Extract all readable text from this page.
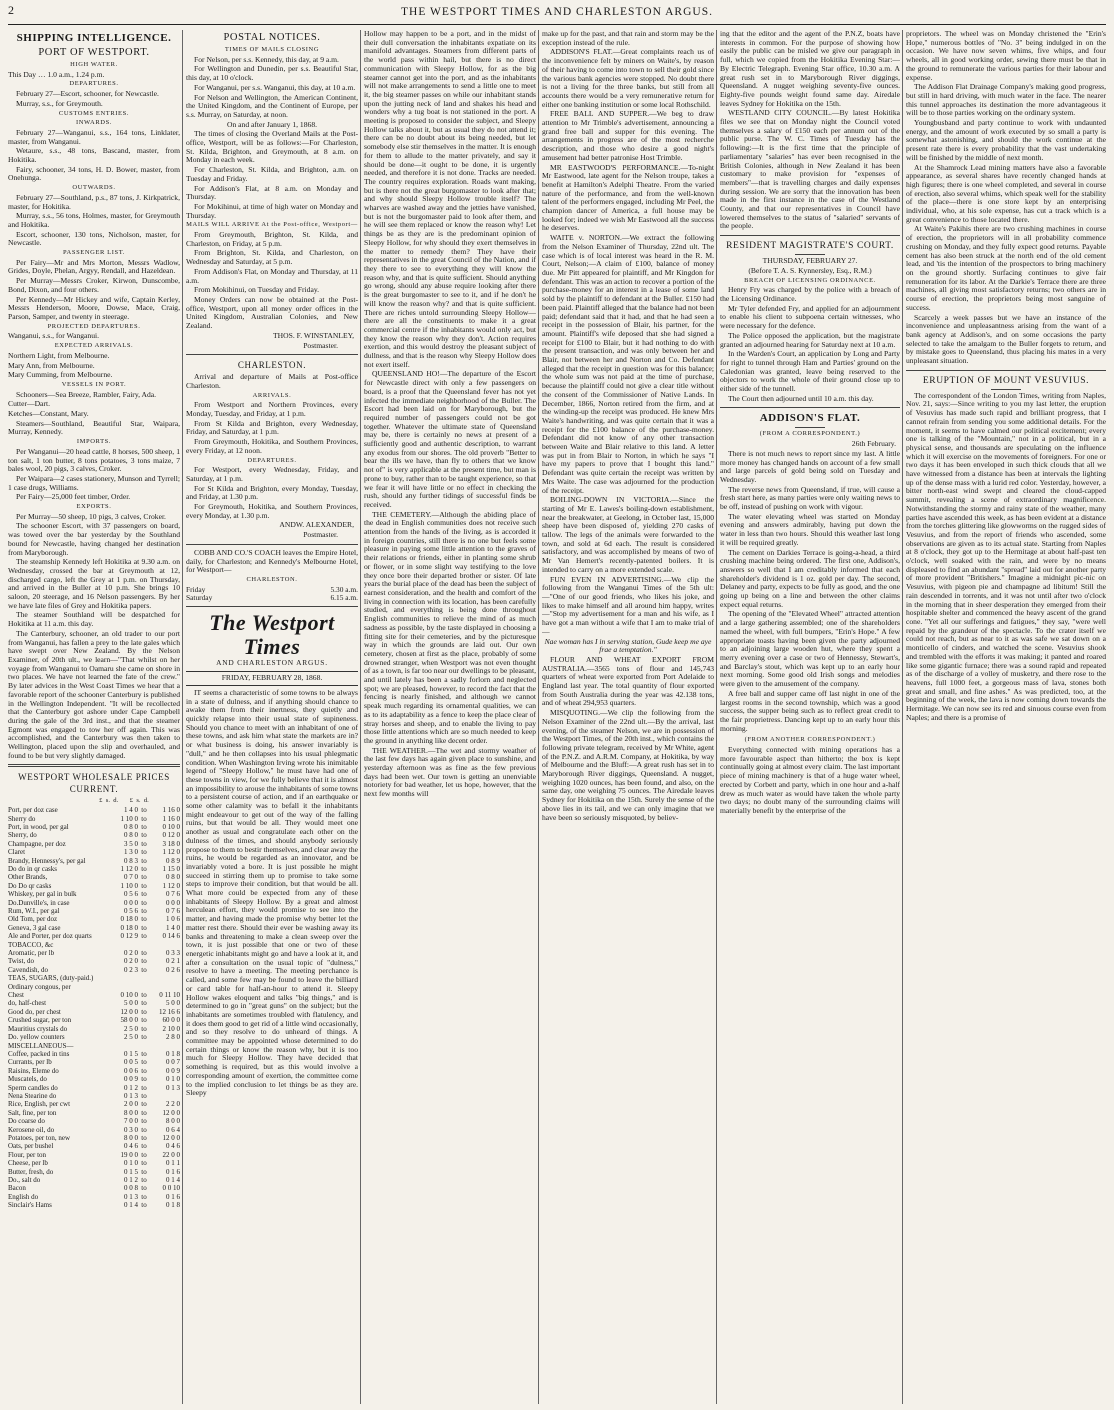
2	THE WESTPORT TIMES AND CHARLESTON ARGUS.
SHIPPING INTELLIGENCE.
PORT OF WESTPORT.
HIGH WATER.

This Day … 1.0 a.m., 1.24 p.m.

DEPARTURES.

February 27—Escort, schooner, for Newcastle.

Murray, s.s., for Greymouth.

CUSTOMS ENTRIES.
INWARDS.

February 27—Wanganui, s.s., 164 tons, Linklater, master, from Wanganui.

Wetaure, s.s., 48 tons, Bascand, master, from Hokitika.

Fairy, schooner, 34 tons, H. D. Bower, master, from Onehunga.

OUTWARDS.

February 27—Southland, p.s., 87 tons, J. Kirkpatrick, master, for Hokitika.

Murray, s.s., 56 tons, Holmes, master, for Greymouth and Hokitika.

Escort, schooner, 130 tons, Nicholson, master, for Newcastle.

PASSENGER LIST.

Per Fairy—Mr and Mrs Morton, Messrs Wadlow, Grides, Doyle, Phelan, Argyy, Rendall, and Hazeldean.

Per Murray—Messrs Croker, Kirwon, Dunscombe, Bond, Dixon, and four others.

Per Kennedy—Mr Hickey and wife, Captain Kerley, Messrs Henderson, Moore, Dowse, Mace, Craig, Parson, Samper, and twenty in steerage.

PROJECTED DEPARTURES.

Wanganui, s.s., for Wanganui.

EXPECTED ARRIVALS.

Northern Light, from Melbourne.

Mary Ann, from Melbourne.

Mary Cumming, from Melbourne.

VESSELS IN PORT.

Schooners—Sea Breeze, Rambler, Fairy, Ada.

Cutter—Dart.

Ketches—Constant, Mary.

Steamers—Southland, Beautiful Star, Waipara, Murray, Kennedy.

IMPORTS.

Per Wanganui—20 head cattle, 8 horses, 500 sheep, 1 ton salt, 1 ton butter, 8 tons potatoes, 3 tons maize, 7 bales wool, 20 pigs, 3 calves, Croker.

Per Waipara—2 cases stationery, Munson and Tyrrell; 1 case drugs, Williams.

Per Fairy—25,000 feet timber, Order.

EXPORTS.

Per Murray—50 sheep, 10 pigs, 3 calves, Croker.

The schooner Escort, with 37 passengers on board, was towed over the bar yesterday by the Southland bound for Newcastle, having changed her destination from Maryborough.

The steamship Kennedy left Hokitika at 9.30 a.m. on Wednesday, crossed the bar at Greymouth at 12, discharged cargo, left the Grey at 1 p.m. on Thursday, and arrived in the Buller at 10 p.m. She brings 10 saloon, 20 steerage, and 16 Nelson passengers. By her we have late files of Grey and Hokitika papers.

The steamer Southland will be despatched for Hokitika at 11 a.m. this day.

The Canterbury, schooner, an old trader to our port from Wanganui, has fallen a prey to the late gales which have swept over New Zealand. By the Nelson Examiner, of 20th ult., we learn—"That whilst on her voyage from Wanganui to Oamaru she came on shore in two places. We have not learned the fate of the crew." By later advices in the West Coast Times we hear that a favorable report of the schooner Canterbury is published in the Wellington Independent. "It will be recollected that the Canterbury got ashore under Cape Campbell during the gale of the 3rd inst., and that the steamer Egmont was engaged to tow her off again. This was accomplished, and the Canterbury was then taken to Wellington, placed upon the slip and overhauled, and found to be but very slightly damaged.

WESTPORT WHOLESALE PRICES CURRENT.
£  s.  d.       £  s.  d.
Port, per doz case	1 4 0	to	1 16 0
Sherry do	1 10 0	to	1 16 0
Port, in wood, per gal	0 8 0	to	0 10 0
Sherry, do	0 8 0	to	0 12 0
Champagne, per doz	3 5 0	to	3 18 0
Claret	1 3 0	to	1 12 0
Brandy, Hennessy's, per gal	0 8 3	to	0 8 9
Do do in qr casks	1 12 0	to	1 15 0
Other Brands,	0 7 0	to	0 8 0
Do Do qr casks	1 10 0	to	1 12 0
Whiskey, per gal in bulk	0 5 6	to	0 7 6
Do.Dunville's, in case	0 0 0	to	0 0 0
Rum, W.I., per gal	0 5 6	to	0 7 6
Old Tom, per doz	0 18 0	to	1 0 6
Geneva, 3 gal case	0 18 0	to	1 4 0
Ale and Porter, per doz quarts	0 12 9	to	0 14 6
TOBACCO, &c			
Aromatic, per lb	0 2 0	to	0 3 3
Twist, do	0 2 0	to	0 2 1
Cavendish, do	0 2 3	to	0 2 6
TEAS, SUGARS, (duty-paid.)			
Ordinary congous, per			
Chest	0 10 0	to	0 11 10
do, half-chest	5 0 0	to	5 0 0
Good do, per chest	12 0 0	to	12 16 6
Crushed sugar, per ton	58 0 0	to	60 0 0
Mauritius crystals do	2 5 0	to	2 10 0
Do. yellow counters	2 5 0	to	2 8 0
MISCELLANEOUS—			
Coffee, packed in tins	0 1 5	to	0 1 8
Currants, per lb	0 0 5	to	0 0 7
Raisins, Eleme do	0 0 6	to	0 0 9
Muscatels, do	0 0 9	to	0 1 0
Sperm candles do	0 1 2	to	0 1 3
Nena Stearine do	0 1 3	to	
Rice, English, per cwt	2 0 0	to	2 2 0
Salt, fine, per ton	8 0 0	to	12 0 0
Do coarse do	7 0 0	to	8 0 0
Kerosene oil, do	0 3 0	to	0 6 4
Potatoes, per ton, new	8 0 0	to	12 0 0
Oats, per bushel	0 4 6	to	0 4 6
Flour, per ton	19 0 0	to	22 0 0
Cheese, per lb	0 1 0	to	0 1 1
Butter, fresh, do	0 1 5	to	0 1 6
Do., salt do	0 1 2	to	0 1 4
Bacon	0 0 8	to	0 0 10
English do	0 1 3	to	0 1 6
Sinclair's Hams	0 1 4	to	0 1 8
POSTAL NOTICES.
TIMES OF MAILS CLOSING

For Nelson, per s.s. Kennedy, this day, at 9 a.m.

For Wellington and Dunedin, per s.s. Beautiful Star, this day, at 10 o'clock.

For Wanganui, per s.s. Wanganui, this day, at 10 a.m.

For Nelson and Wellington, the American Continent, the United Kingdom, and the Continent of Europe, per s.s. Murray, on Saturday, at noon.

On and after January 1, 1868.

The times of closing the Overland Mails at the Post-office, Westport, will be as follows:—For Charleston, St. Kilda, Brighton, and Greymouth, at 8 a.m. on Monday in each week.

For Charleston, St. Kilda, and Brighton, a.m. on Tuesday and Friday.

For Addison's Flat, at 8 a.m. on Monday and Thursday.

For Mokihinui, at time of high water on Monday and Thursday.

MAILS WILL ARRIVE At the Post-office, Westport—

From Greymouth, Brighton, St. Kilda, and Charleston, on Friday, at 5 p.m.

From Brighton, St. Kilda, and Charleston, on Wednesday and Saturday, at 5 p.m.

From Addison's Flat, on Monday and Thursday, at 11 a.m.

From Mokihinui, on Tuesday and Friday.

Money Orders can now be obtained at the Post-office, Westport, upon all money order offices in the United Kingdom, Australian Colonies, and New Zealand.

THOS. F. WINSTANLEY,

Postmaster.

CHARLESTON.

Arrival and departure of Mails at Post-office Charleston.

ARRIVALS.

From Westport and Northern Provinces, every Monday, Tuesday, and Friday, at 1 p.m.

From St Kilda and Brighton, every Wednesday, Friday, and Saturday, at 1 p.m.

From Greymouth, Hokitika, and Southern Provinces, every Friday, at 12 noon.

DEPARTURES.

For Westport, every Wednesday, Friday, and Saturday, at 1 p.m.

For St Kilda and Brighton, every Monday, Tuesday, and Friday, at 1.30 p.m.

For Greymouth, Hokitika, and Southern Provinces, every Monday, at 1.30 p.m.

ANDW. ALEXANDER,

Postmaster.

COBB AND CO.'S COACH leaves the Empire Hotel, daily, for Charleston; and Kennedy's Melbourne Hotel, for Westport—

CHARLESTON.
Friday	5.30 a.m.
Saturday	6.15 a.m.
The Westport Times
AND CHARLESTON ARGUS.
FRIDAY, FEBRUARY 28, 1868.

IT seems a characteristic of some towns to be always in a state of dulness, and if anything should chance to awake them from their inertness, they quietly and quickly relapse into their usual state of supineness. Should you chance to meet with an inhabitant of one of these towns, and ask him what state the markets are in? or what business is doing, his answer invariably is "dull," and he then collapses into his usual phlegmatic condition. When Washington Irving wrote his inimitable legend of "Sleepy Hollow," he must have had one of these towns in view, for we fully believe that it is almost an impossibility to arouse the inhabitants of some towns to a persistent course of action, and if an earthquake or some other calamity was to befall it the inhabitants might endeavour to get out of the way of the falling ruins, but that would be all. They would meet one another as usual and congratulate each other on the dulness of the times, and should anybody seriously propose to them to bestir themselves, and clear away the ruins, he would be regarded as an innovator, and be invariably voted a bore. It is just possible he might succeed in stirring them up to promise to take some steps to improve their condition, but that would be all. What more could be expected from any of these inhabitants of Sleepy Hollow. By a great and almost herculean effort, they would promise to see into the matter, and having made the promise why better let the matter rest there. Should their ever be washing away its banks and threatening to make a clean sweep over the town, it is just possible that one or two of these energetic inhabitants might go and have a look at it, and after a consultation on the usual topic of "dulness," resolve to have a meeting. The meeting perchance is called, and some few may be found to leave the billiard or card table for half-an-hour to attend it. Sleepy Hollow wakes eloquent and talks "big things," and is determined to go in "great guns" on the subject; but the inhabitants are sometimes troubled with flatulency, and it does them good to get rid of a little wind occasionally, and so they resolve to do unheard of things. A committee may be appointed whose determined to do certain things or know the reason why, but it is too much for Sleepy Hollow. They have decided that something is required, but as this would involve a corresponding amount of exertion, the committee come to the implied conclusion to let things be as they are. Sleepy

Hollow may happen to be a port, and in the midst of their dull conversation the inhabitants expatiate on its manifold advantages. Steamers from different parts of the world pass within hail, but there is no direct communication with Sleepy Hollow, for as the big steamer cannot get into the port, and as the inhabitants will not make arrangements to send a little one to meet it, the big steamer passes on while our inhabitant stands upon the jutting neck of land and shakes his head and wonders why a tug boat is not stationed in the port. A meeting is proposed to consider the subject, and Sleepy Hollow talks about it, but as usual they do not attend it; there can be no doubt about its being needed, but let somebody else stir themselves in the matter. It is enough for them to allude to the matter privately, and say it should be done—it ought to be done, it is urgently needed, and therefore it is not done. Tracks are needed. The country requires exploration. Roads want making, but is there not the great burgomaster to look after that; and why should Sleepy Hollow trouble itself? The wharves are washed away and the jetties have vanished, but is not the burgomaster paid to look after them, and he will see them replaced or know the reason why! Let things be as they are is the predominant opinion of Sleepy Hollow, for why should they exert themselves in the matter to remedy them? They have their representatives in the great Council of the Nation, and if they there to see to everything they will know the reason why, and that is quite sufficient. Should anything go wrong, should any abuse require looking after there is the great burgomaster to see to it, and if he don't he will know the reason why? and that is quite sufficient. There are riches untold surrounding Sleepy Hollow—there are all the constituents to make it a great commercial centre if the inhabitants would only act, but they know the reason why they don't. Action requires exertion, and this would destroy the pleasant subject of dullness, and that is the reason why Sleepy Hollow does not exert itself.

QUEENSLAND HO!—The departure of the Escort for Newcastle direct with only a few passengers on board, is a proof that the Queensland fever has not yet infected the immediate neighborhood of the Buller. The Escort had been laid on for Maryborough, but the required number of passengers could not be got together. Whatever the ultimate state of Queensland may be, there is certainly no news at present of a sufficiently good and authentic description, to warrant any exodus from our shores. The old proverb "Better to bear the ills we have, than fly to others that we know not of" is very applicable at the present time, but man is prone to buy, rather than to be taught experience, so that we fear it will have little or no effect in checking the rush, should any further tidings of successful finds be received.

THE CEMETERY.—Although the abiding place of the dead in English communities does not receive such attention from the hands of the living, as is accorded it in foreign countries, still there is no one but feels some pleasure in paying some little attention to the graves of their relations or friends, either in planting some shrub or flower, or in some slight way testifying to the love they once bore their departed brother or sister. Of late years the burial place of the dead has been the subject of earnest consideration, and the health and comfort of the living in connection with its location, has been carefully studied, and everything is being done throughout English communities to relieve the mind of as much sadness as possible, by the taste displayed in choosing a fitting site for their cemeteries, and by the picturesque way in which the grounds are laid out. Our own cemetery, chosen at first as the place, probably of some drowned stranger, when Westport was not even thought of as a town, is far too near our dwellings to be pleasant, and until lately has been a sadly forlorn and neglected spot; we are pleased, however, to record the fact that the fencing is nearly finished, and although we cannot speak much regarding its ornamental qualities, we can as to its adaptability as a fence to keep the place clear of stray horses and sheep, and to enable the living to pay those little attentions which are so much needed to keep the ground in anything like decent order.

THE WEATHER.—The wet and stormy weather of the last few days has again given place to sunshine, and yesterday afternoon was as fine as the few previous days had been wet. Our town is getting an unenviable notoriety for bad weather, let us hope, however, that the next few months will

make up for the past, and that rain and storm may be the exception instead of the rule.

ADDISON'S FLAT.—Great complaints reach us of the inconvenience felt by miners on Waite's, by reason of their having to come into town to sell their gold since the various bank agencies were stopped. No doubt there is not a living for the three banks, but still from all accounts there would be a very remunerative return for either one banking institution or some local Rothschild.

FREE BALL AND SUPPER.—We beg to draw attention to Mr Trimble's advertisement, announcing a grand free ball and supper for this evening. The arrangements in progress are of the most recherche description, and those who desire a good night's amusement had better patronise Host Trimble.

MR EASTWOOD'S PERFORMANCE.—To-night Mr Eastwood, late agent for the Nelson troupe, takes a benefit at Hamilton's Adelphi Theatre. From the varied nature of the performance, and from the well-known talent of the performers engaged, including Mr Peel, the champion dancer of America, a full house may be looked for; indeed we wish Mr Eastwood all the success he deserves.

WAITE v. NORTON.—We extract the following from the Nelson Examiner of Thursday, 22nd ult. The case which is of local interest was heard in the R. M. Court, Nelson;—A claim of £100, balance of money due. Mr Pitt appeared for plaintiff, and Mr Kingdon for defendant. This was an action to recover a portion of the purchase-money for an interest in a lease of some land sold by the plaintiff to defendant at the Buller. £150 had been paid. Plaintiff alleged that the balance had not been paid; defendant said that it had, and that he had seen a receipt in the possession of Blair, his partner, for the amount. Plaintiff's wife deposed that she had signed a receipt for £100 to Blair, but it had nothing to do with the present transaction, and was only between her and Blair, not between her and Norton and Co. Defendant alleged that the receipt in question was for this balance; the whole sum was not paid at the time of purchase, because the plaintiff could not give a clear title without the consent of the Commissioner of Native Lands. In December, 1866, Norton retired from the firm, and at the winding-up the receipt was produced. He knew Mrs Waite's handwriting, and was quite certain that it was a receipt for the £100 balance of the purchase-money. Defendant did not know of any other transaction between Waite and Blair relative to this land. A letter was put in from Blair to Norton, in which he says "I have my papers to prove that I bought this land." Defendant was quite certain the receipt was written by Mrs Waite. The case was adjourned for the production of the receipt.

BOILING-DOWN IN VICTORIA.—Since the starting of Mr E. Lawes's boiling-down establishment, near the breakwater, at Geelong, in October last, 15,000 sheep have been disposed of, yielding 270 casks of tallow. The legs of the animals were forwarded to the town, and sold at 6d each. The result is considered satisfactory, and was accomplished by means of two of Mr Van Hemert's recently-patented boilers. It is intended to carry on a more extended scale.

FUN EVEN IN ADVERTISING.—We clip the following from the Wanganui Times of the 5th ult:—"One of our good friends, who likes his joke, and likes to make himself and all around him happy, writes—"Stop my advertisement for a man and his wife, as I have got a man without a wife that I am to make trial of—

Nae woman has I in serving station, Gude keep me aye frae a temptation."

FLOUR AND WHEAT EXPORT FROM AUSTRALIA.—3565 tons of flour and 145,743 quarters of wheat were exported from Port Adelaide to England last year. The total quantity of flour exported from South Australia during the year was 42.138 tons, and of wheat 294,953 quarters.

MISQUOTING.—We clip the following from the Nelson Examiner of the 22nd ult.—By the arrival, last evening, of the steamer Nelson, we are in possession of the Westport Times, of the 20th inst., which contains the following private telegram, received by Mr White, agent of the P.N.Z. and A.R.M. Company, at Hokitika, by way of Melbourne and the Bluff:—A great rush has set in to Maryborough River diggings, Queensland. A nugget, weighing 1020 ounces, has been found, and also, on the same day, one weighing 75 ounces. The Airedale leaves Sydney for Hokitika on the 15th. Surely the sense of the above lies in its tail, and we can only imagine that we have been so seriously misquoted, by believ-

ing that the editor and the agent of the P.N.Z, boats have interests in common. For the purpose of showing how easily the public can be misled we give our paragraph in full, which we copied from the Hokitika Evening Star:—By Electric Telegraph. Evening Star office, 10.30 a.m. A great rush set in to Maryborough River diggings, Queensland. A nugget weighing seventy-five ounces. Eighty-five pounds weight found same day. Airedale leaves Sydney for Hokitika on the 15th.

WESTLAND CITY COUNCIL.—By latest Hokitika files we see that on Monday night the Council voted themselves a salary of £150 each per annum out of the public purse. The W. C. Times of Tuesday has the following:—It is the first time that the principle of parliamentary "salaries" has ever been recognised in the British Colonies, although in New Zealand it has been customary to make provision for "expenses of members"—that is travelling charges and daily expenses during session. We are sorry that the innovation has been made in the first instance in the case of the Westland County, and that our representatives in Council have lowered themselves to the status of "salaried" servants of the people.

RESIDENT MAGISTRATE'S COURT.

THURSDAY, FEBRUARY 27.

(Before T. A. S. Kynnersley, Esq., R.M.)

BREACH OF LICENSING ORDINANCE.

Henry Fry was charged by the police with a breach of the Licensing Ordinance.

Mr Tyler defended Fry, and applied for an adjournment to enable his client to subpoena certain witnesses, who were necessary for the defence.

The Police opposed the application, but the magistrate granted an adjourned hearing for Saturday next at 10 a.m.

In the Warden's Court, an application by Long and Party for right to tunnel through Ham and Parties' ground on the Caledonian was granted, leave being reserved to the objectors to work the whole of their ground close up to either side of the tunnell.

The Court then adjourned until 10 a.m. this day.

ADDISON'S FLAT.
(FROM A CORRESPONDENT.)

26th February.

There is not much news to report since my last. A little more money has changed hands on account of a few small and large parcels of gold being sold on Tuesday and Wednesday.

The reverse news from Queensland, if true, will cause a fresh start here, as many parties were only waiting news to be off, instead of pushing on work with vigour.

The water elevating wheel was started on Monday evening and answers admirably, having put down the water in less than two hours. Should this weather last long it will be required greatly.

The cement on Darkies Terrace is going-a-head, a third crushing machine being ordered. The first one, Addison's, answers so well that I am creditably informed that each shareholder's dividend is 1 oz. gold per day. The second, Delaney and party, expects to be fully as good, and the one going up being on a line and between the other claims expect equal returns.

The opening of the "Elevated Wheel" attracted attention and a large gathering assembled; one of the shareholders named the wheel, with full bumpers, "Erin's Hope." A few appropriate toasts having been given the party adjourned to an adjoining large wooden hut, where they spent a merry evening over a case or two of Hennessy, Stewart's, and Barclay's stout, which was kept up to an early hour next morning. Some good old Irish songs and melodies were given to the amusement of the company.

A free ball and supper came off last night in one of the largest rooms in the second township, which was a good success, the supper being such as to reflect great credit to the fair proprietress. Dancing kept up to an early hour this morning.

(FROM ANOTHER CORRESPONDENT.)

Everything connected with mining operations has a more favourable aspect than hitherto; the box is kept continually going at almost every claim. The last important piece of mining machinery is that of a huge water wheel, erected by Corbett and party, which in one hour and a-half drew as much water as would have taken the whole party two days; no doubt many of the surrounding claims will materially benefit by the enterprise of the

proprietors. The wheel was on Monday christened the "Erin's Hope," numerous bottles of "No. 3" being indulged in on the occasion. We have now seven whims, five whips, and four wheels, all in good working order, sewing there must be that in the ground to remunerate the various parties for their labour and expense.

The Addison Flat Drainage Company's making good progress, but still in hard driving, with much water in the face. The nearer this tunnel approaches its destination the more advantageous it will be to those parties working on the ordinary system.

Youngbusband and party continue to work with undaunted energy, and the amount of work executed by so small a party is somewhat astonishing, and should the work continue at the present rate there is every probability that the vast undertaking will be finished by the middle of next month.

At the Shamrock Lead mining matters have also a favorable appearance, as several shares have recently changed hands at high figures; there is one wheel completed, and several in course of erection, also several whims, which speak well for the stability of the place—there is one store kept by an enterprising individual, who, at his sole expense, has cut a track which is a great convenience to those located there.

At Waite's Pakihis there are two crushing machines in course of erection, the proprietors will in all probability commence crushing on Monday, and they fully expect good returns. Payable cement has also been struck at the north end of the old cement lead, and 'tis the intention of the prospectors to bring machinery on the ground shortly. Surfacing continues to give fair remuneration for its labor. At the Darkie's Terrace there are three machines, all giving most satisfactory returns; two others are in course of erection, the proprietors being most sanguine of success.

Scarcely a week passes but we have an instance of the inconvenience and unpleasantness arising from the want of a bank agency at Addison's, and on some occasions the party selected to take the amalgam to the Buller forgets to return, and by mistake goes to Queensland, thus placing his mates in a very unpleasant situation.

ERUPTION OF MOUNT VESUVIUS.

The correspondent of the London Times, writing from Naples, Nov. 21, says:—Since writing to you my last letter, the eruption of Vesuvius has made such rapid and brilliant progress, that I cannot refrain from sending you some additional details. For the moment, it seems to have calmed our political excitement; every one is talking of the "Mountain," not in a political, but in a physical sense, and thousands are speculating on the influence which it will exercise on the movements of foreigners. For one or two days it has been enveloped in such thick clouds that all we have witnessed from a distance has been at intervals the lighting up of the dense mass with a lurid red color. Yesterday, however, a bitter north-east wind swept and cleared the cloud-capped summit, revealing a scene of extraordinary magnificence. Notwithstanding the stormy and rainy state of the weather, many parties have ascended this week, as has been evident at a distance from the torches glittering like glowworms on the rugged sides of Vesuvius, and from the report of friends who ascended, some observations are given as to its actual state. Starting from Naples at 8 o'clock, they got up to the Hermitage at about half-past ten o'clock, well soaked with the rain, and were by no means displeased to find an abundant "spread" laid out for another party of more provident "Britishers." Imagine a midnight pic-nic on Vesuvius, with pigeon pie and champagne ad libitum! Still the rain descended in torrents, and it was not until after two o'clock in the morning that in sheer desperation they emerged from their hospitable shelter and commenced the heavy ascent of the grand cone. "Yet all our sufferings and fatigues," they say, "were well repaid by the grandeur of the spectacle. To the crater itself we could not reach, but as near to it as was safe we sat down on a monticello of cinders, and watched the scene. Vesuvius shook and trembled with the efforts it was making; it panted and roared like some gigantic furnace; there was a sound rapid and repeated as of the discharge of a volley of musketry, and there rose to the heavens, full 1000 feet, a gorgeous mass of lava, stones both great and small, and fine ashes." As was predicted, too, at the beginning of the week, the lava is now coming down towards the Hermitage. We can now see its red and sinuous course even from Naples; and there is a promise of
